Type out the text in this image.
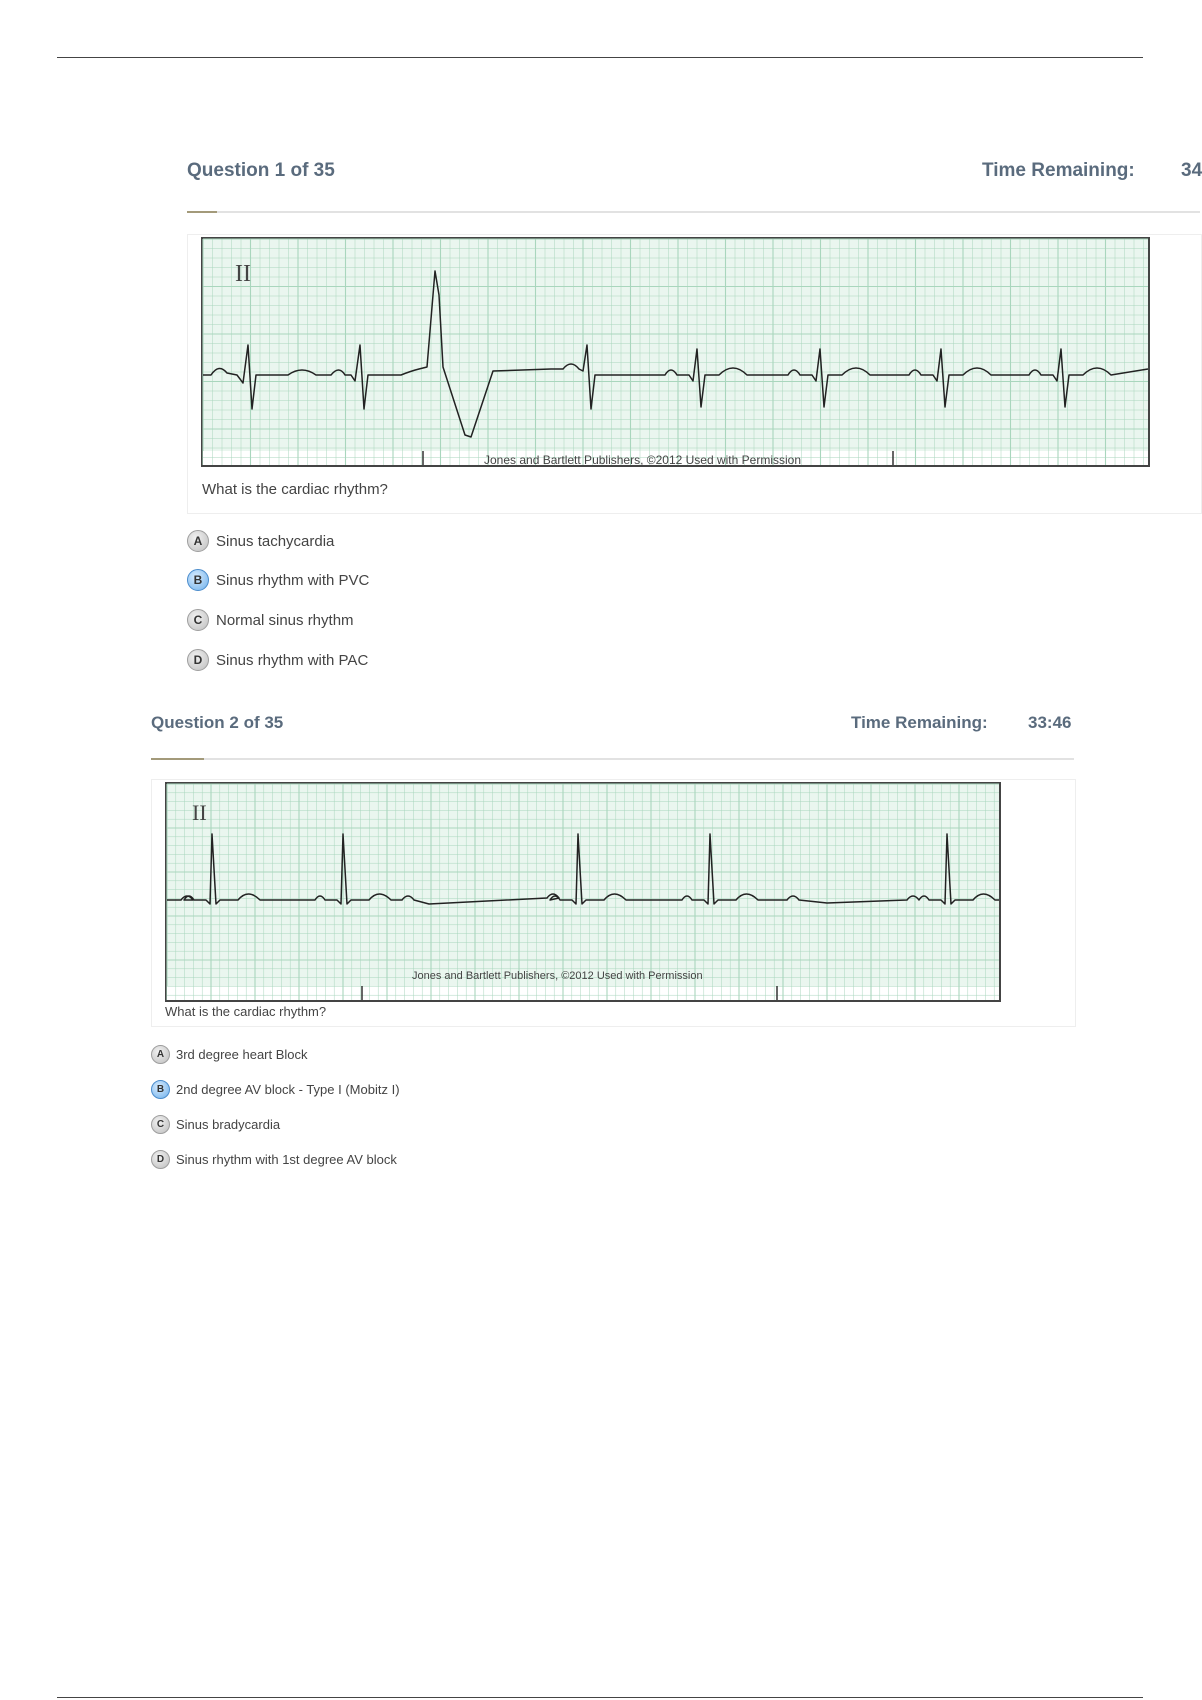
Question 1 of 35	Time Remaining: 34
Jones and Bartlett Publishers, ©2012 Used with Permission
II
What is the cardiac rhythm?
A Sinus tachycardia
B Sinus rhythm with PVC
C Normal sinus rhythm
D Sinus rhythm with PAC
Question 2 of 35	Time Remaining: 33:46
Jones and Bartlett Publishers, ©2012 Used with Permission
II
What is the cardiac rhythm?
A 3rd degree heart Block
B 2nd degree AV block - Type I (Mobitz I)
C Sinus bradycardia
D Sinus rhythm with 1st degree AV block
